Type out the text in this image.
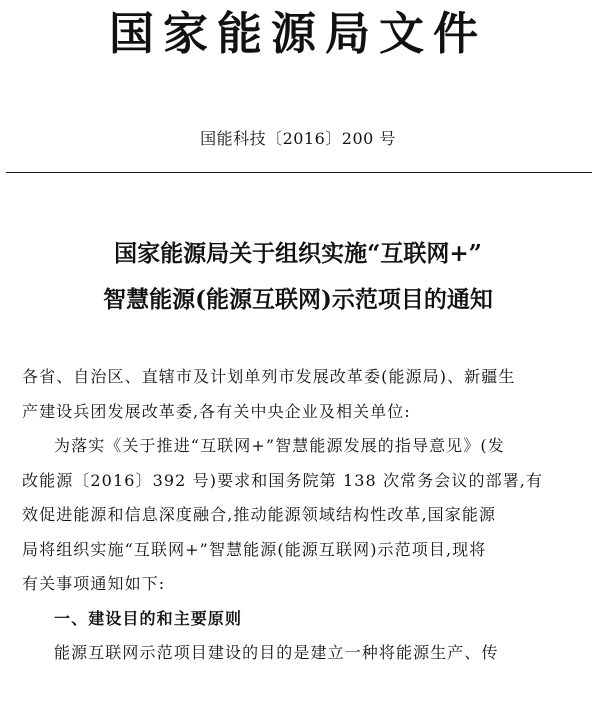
国家能源局文件
国能科技〔2016〕200 号
国家能源局关于组织实施“互联网+”
智慧能源(能源互联网)示范项目的通知
各省、自治区、直辖市及计划单列市发展改革委(能源局)、新疆生
产建设兵团发展改革委,各有关中央企业及相关单位:
为落实《关于推进“互联网+”智慧能源发展的指导意见》(发
改能源〔2016〕392 号)要求和国务院第 138 次常务会议的部署,有
效促进能源和信息深度融合,推动能源领域结构性改革,国家能源
局将组织实施“互联网+”智慧能源(能源互联网)示范项目,现将
有关事项通知如下:
一、建设目的和主要原则
能源互联网示范项目建设的目的是建立一种将能源生产、传
